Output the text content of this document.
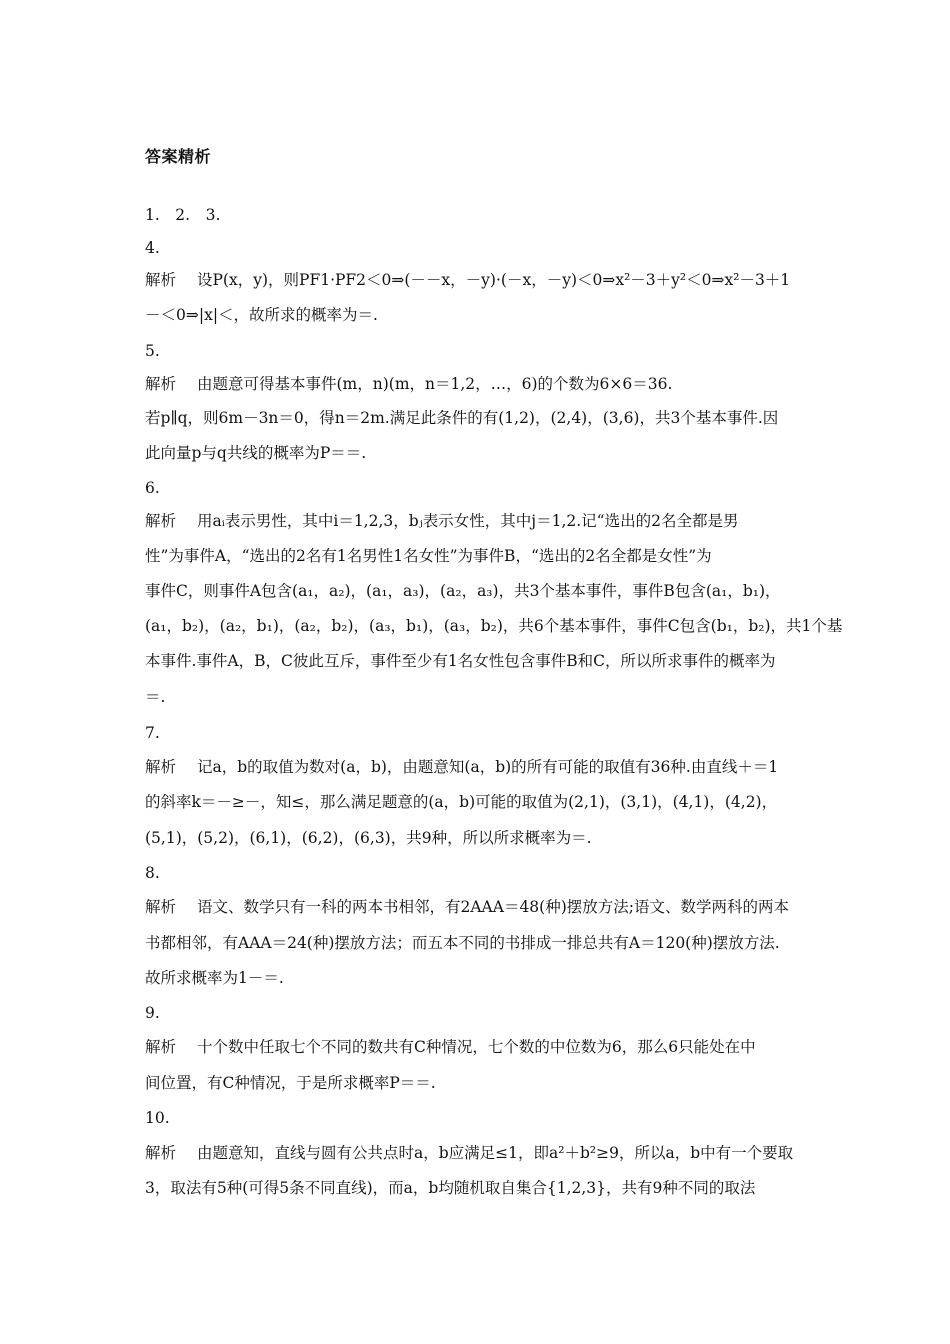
答案精析
1.　2.　3.
4.
解析 设P(x，y)，则PF1·PF2＜0⇒(－－x，－y)·(－x，－y)＜0⇒x²－3＋y²＜0⇒x²－3＋1
－＜0⇒|x|＜，故所求的概率为＝.
5.
解析 由题意可得基本事件(m，n)(m，n＝1,2，…，6)的个数为6×6＝36.
若p∥q，则6m－3n＝0，得n＝2m.满足此条件的有(1,2)，(2,4)，(3,6)，共3个基本事件.因
此向量p与q共线的概率为P＝＝.
6.
解析 用aᵢ表示男性，其中i＝1,2,3，bⱼ表示女性，其中j＝1,2.记“选出的2名全都是男
性”为事件A，“选出的2名有1名男性1名女性”为事件B，“选出的2名全都是女性”为
事件C，则事件A包含(a₁，a₂)，(a₁，a₃)，(a₂，a₃)，共3个基本事件，事件B包含(a₁，b₁)，
(a₁，b₂)，(a₂，b₁)，(a₂，b₂)，(a₃，b₁)，(a₃，b₂)，共6个基本事件，事件C包含(b₁，b₂)，共1个基
本事件.事件A，B，C彼此互斥，事件至少有1名女性包含事件B和C，所以所求事件的概率为
＝.
7.
解析 记a，b的取值为数对(a，b)，由题意知(a，b)的所有可能的取值有36种.由直线＋＝1
的斜率k＝－≥－，知≤，那么满足题意的(a，b)可能的取值为(2,1)，(3,1)，(4,1)，(4,2)，
(5,1)，(5,2)，(6,1)，(6,2)，(6,3)，共9种，所以所求概率为＝.
8.
解析 语文、数学只有一科的两本书相邻，有2AAA＝48(种)摆放方法;语文、数学两科的两本
书都相邻，有AAA＝24(种)摆放方法；而五本不同的书排成一排总共有A＝120(种)摆放方法.
故所求概率为1－＝.
9.
解析 十个数中任取七个不同的数共有C种情况，七个数的中位数为6，那么6只能处在中
间位置，有C种情况，于是所求概率P＝＝.
10.
解析 由题意知，直线与圆有公共点时a，b应满足≤1，即a²＋b²≥9，所以a，b中有一个要取
3，取法有5种(可得5条不同直线)，而a，b均随机取自集合{1,2,3}，共有9种不同的取法
